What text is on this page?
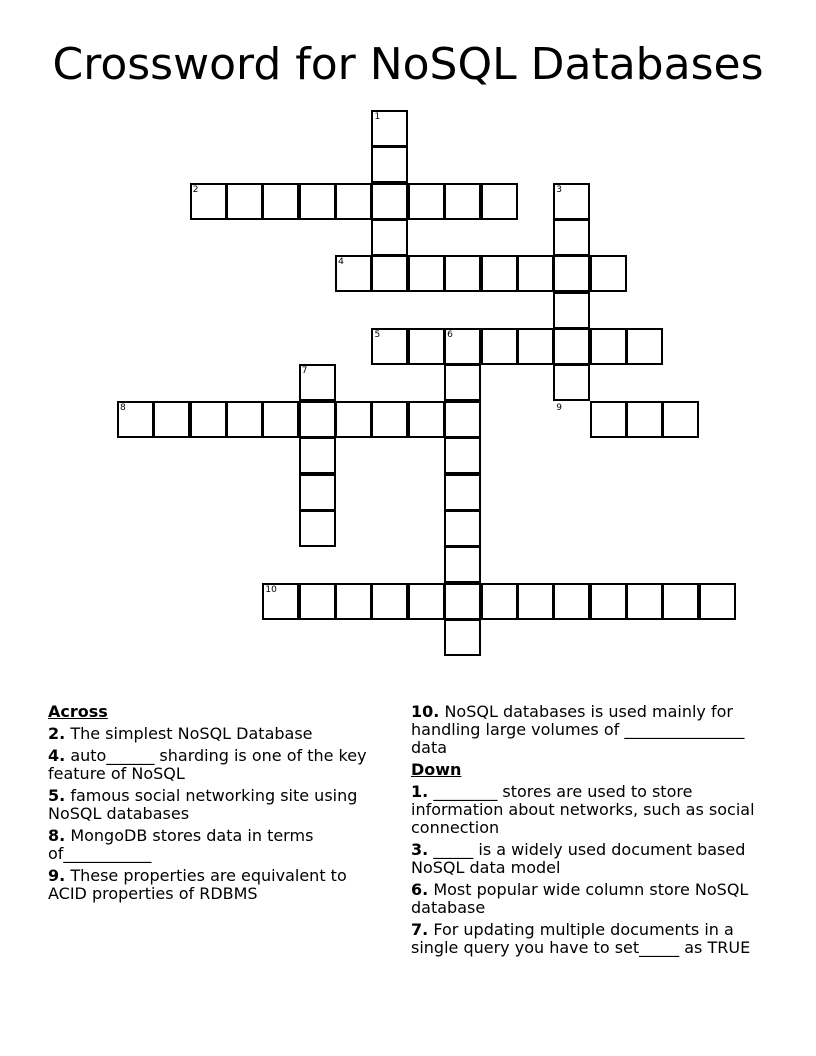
Crossword for NoSQL Databases
1
2	3
4
5	6
7
8	9
10
Across
2. The simplest NoSQL Database
4. auto______ sharding is one of the key feature of NoSQL
5. famous social networking site using NoSQL databases
8. MongoDB stores data in terms of___________
9. These properties are equivalent to ACID properties of RDBMS
10. NoSQL databases is used mainly for handling large volumes of _______________ data
Down
1. ________ stores are used to store information about networks, such as social connection
3. _____ is a widely used document based NoSQL data model
6. Most popular wide column store NoSQL database
7. For updating multiple documents in a single query you have to set_____ as TRUE
